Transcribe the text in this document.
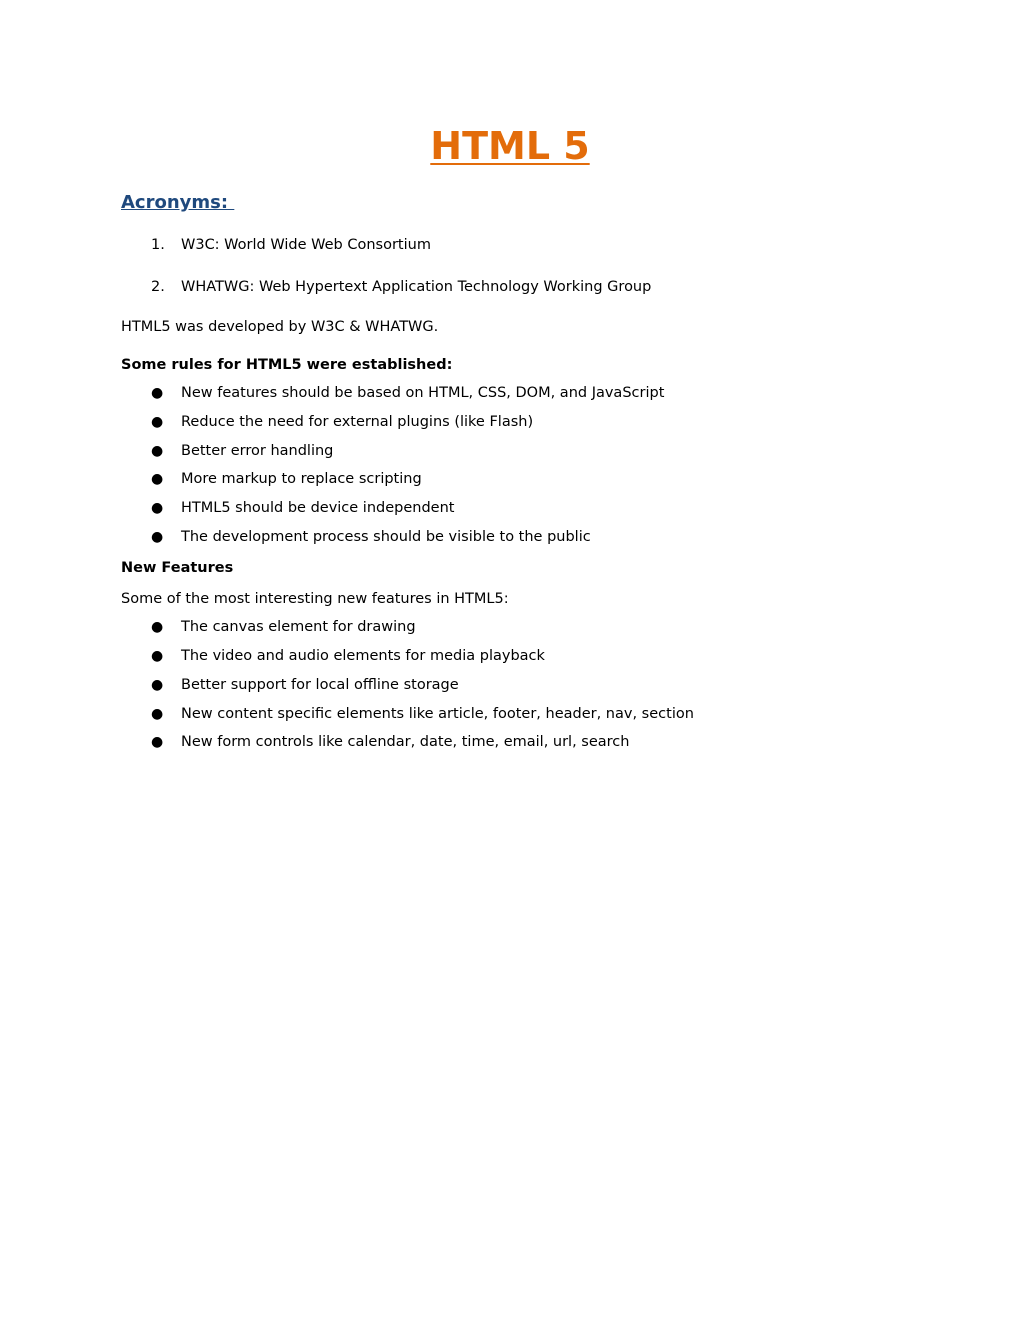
HTML 5
Acronyms:
1.	W3C: World Wide Web Consortium
2.	WHATWG: Web Hypertext Application Technology Working Group
HTML5 was developed by W3C & WHATWG.
Some rules for HTML5 were established:
● New features should be based on HTML, CSS, DOM, and JavaScript
● Reduce the need for external plugins (like Flash)
● Better error handling
● More markup to replace scripting
● HTML5 should be device independent
● The development process should be visible to the public
New Features
Some of the most interesting new features in HTML5:
● The canvas element for drawing
● The video and audio elements for media playback
● Better support for local offline storage
● New content specific elements like article, footer, header, nav, section
● New form controls like calendar, date, time, email, url, search
